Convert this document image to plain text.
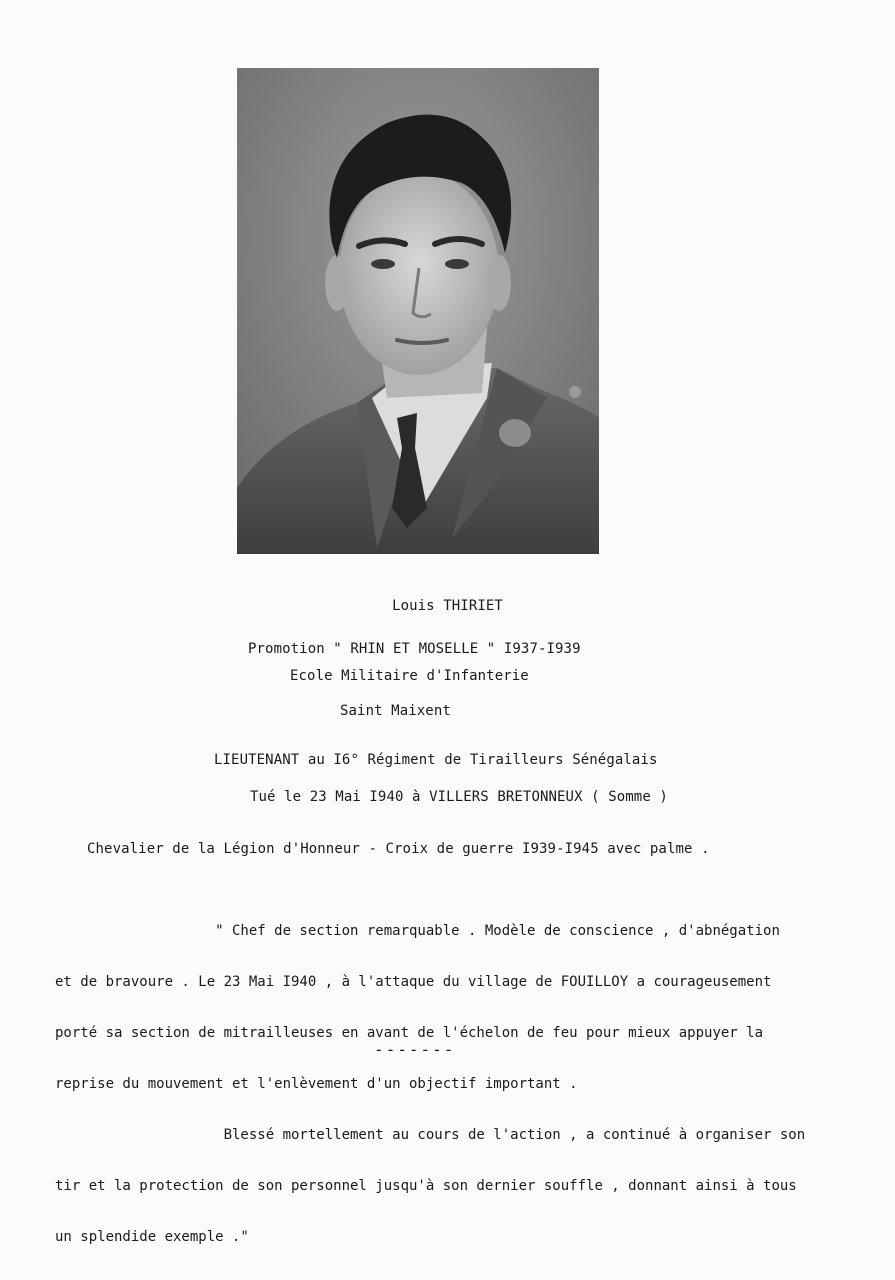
Louis THIRIET
Promotion " RHIN ET MOSELLE " I937-I939
Ecole Militaire d'Infanterie
Saint Maixent
LIEUTENANT au I6° Régiment de Tirailleurs Sénégalais
Tué le 23 Mai I940 à VILLERS BRETONNEUX ( Somme )
Chevalier de la Légion d'Honneur - Croix de guerre I939-I945 avec palme .

" Chef de section remarquable . Modèle de conscience , d'abnégation

et de bravoure . Le 23 Mai I940 , à l'attaque du village de FOUILLOY a courageusement

porté sa section de mitrailleuses en avant de l'échelon de feu pour mieux appuyer la

reprise du mouvement et l'enlèvement d'un objectif important .

Blessé mortellement au cours de l'action , a continué à organiser son

tir et la protection de son personnel jusqu'à son dernier souffle , donnant ainsi à tous

un splendide exemple ."

-------
